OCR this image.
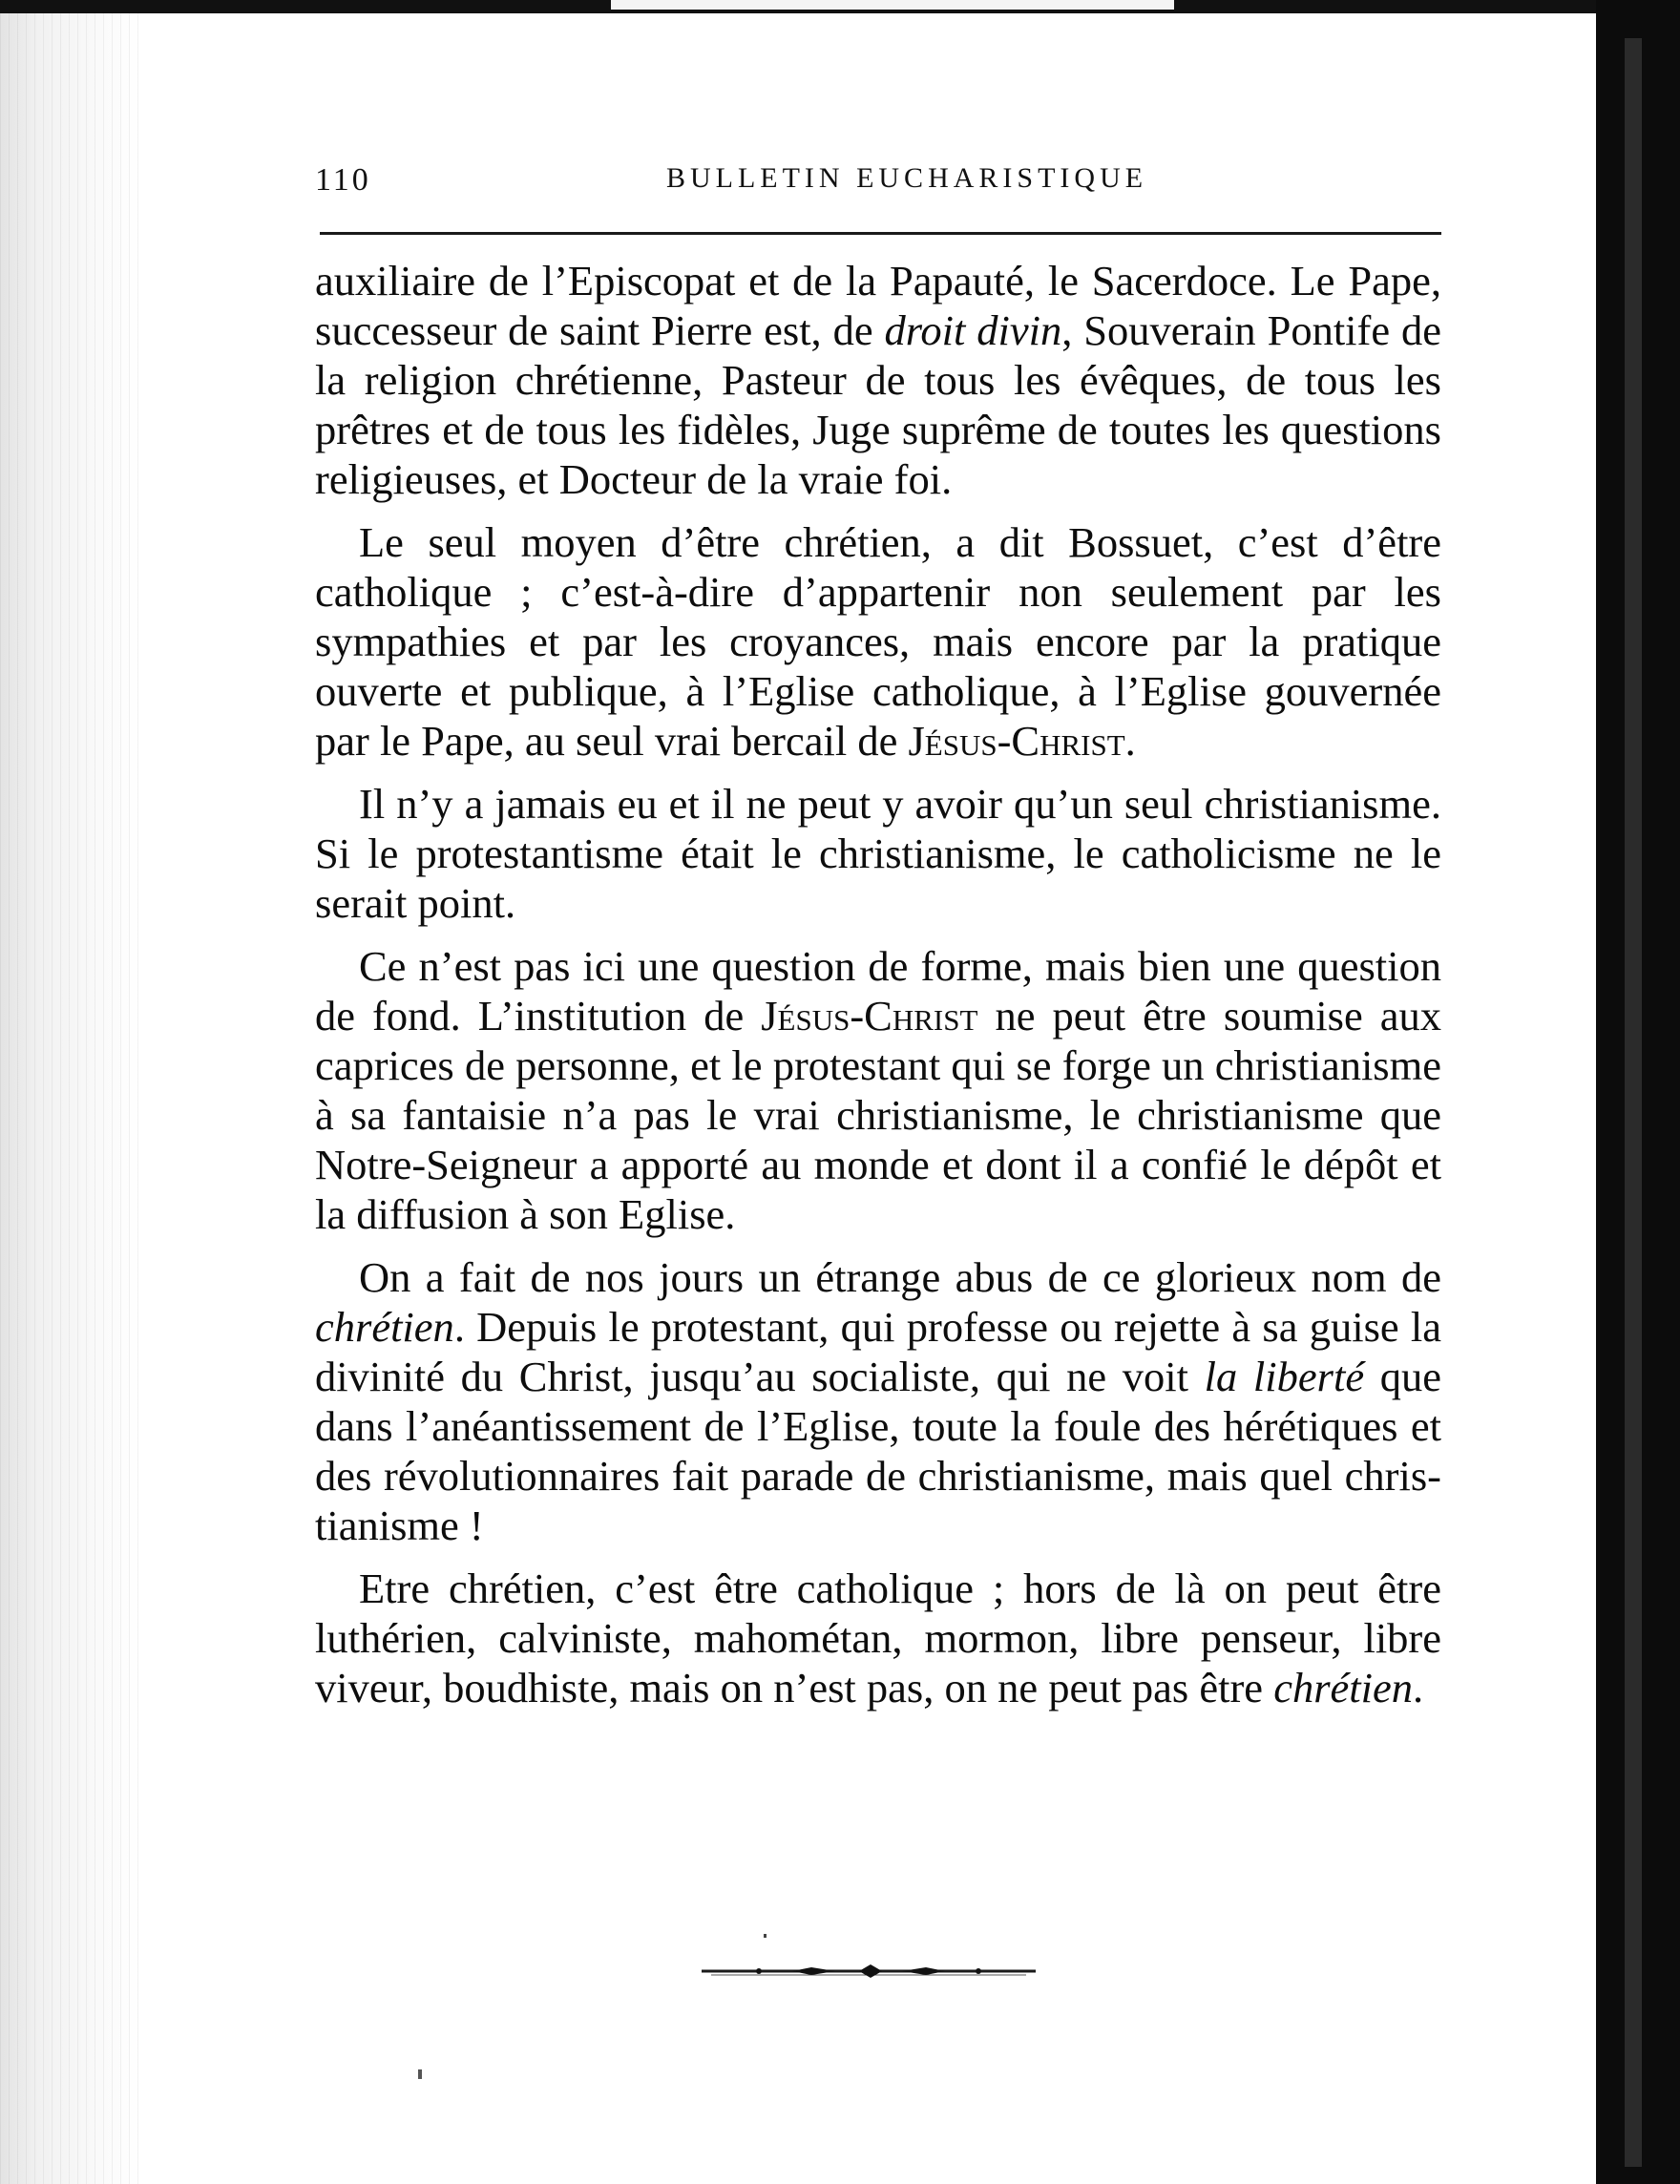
110	BULLETIN EUCHARISTIQUE

auxiliaire de l’Episcopat et de la Papauté, le Sacerdoce. Le Pape, successeur de saint Pierre est, de droit divin, Souverain Pontife de la religion chrétienne, Pasteur de tous les évêques, de tous les prêtres et de tous les fidèles, Juge suprême de toutes les questions religieuses, et Docteur de la vraie foi.

Le seul moyen d’être chrétien, a dit Bossuet, c’est d’être catholique ; c’est-à-dire d’appartenir non seulement par les sympathies et par les croyances, mais encore par la pratique ouverte et publique, à l’Eglise catholique, à l’Eglise gouvernée par le Pape, au seul vrai bercail de Jésus-Christ.

Il n’y a jamais eu et il ne peut y avoir qu’un seul christianisme. Si le protestantisme était le christianisme, le catholicisme ne le serait point.

Ce n’est pas ici une question de forme, mais bien une question de fond. L’institution de Jésus-Christ ne peut être soumise aux caprices de personne, et le protestant qui se forge un christianisme à sa fantaisie n’a pas le vrai christianisme, le christianisme que Notre-Seigneur a apporté au monde et dont il a confié le dépôt et la diffusion à son Eglise.

On a fait de nos jours un étrange abus de ce glorieux nom de chrétien. Depuis le protestant, qui professe ou rejette à sa guise la divinité du Christ, jusqu’au socialiste, qui ne voit la liberté que dans l’anéantissement de l’Eglise, toute la foule des hérétiques et des révolutionnaires fait parade de christianisme, mais quel christianisme !

Etre chrétien, c’est être catholique ; hors de là on peut être luthérien, calviniste, mahométan, mormon, libre penseur, libre viveur, boudhiste, mais on n’est pas, on ne peut pas être chrétien.
